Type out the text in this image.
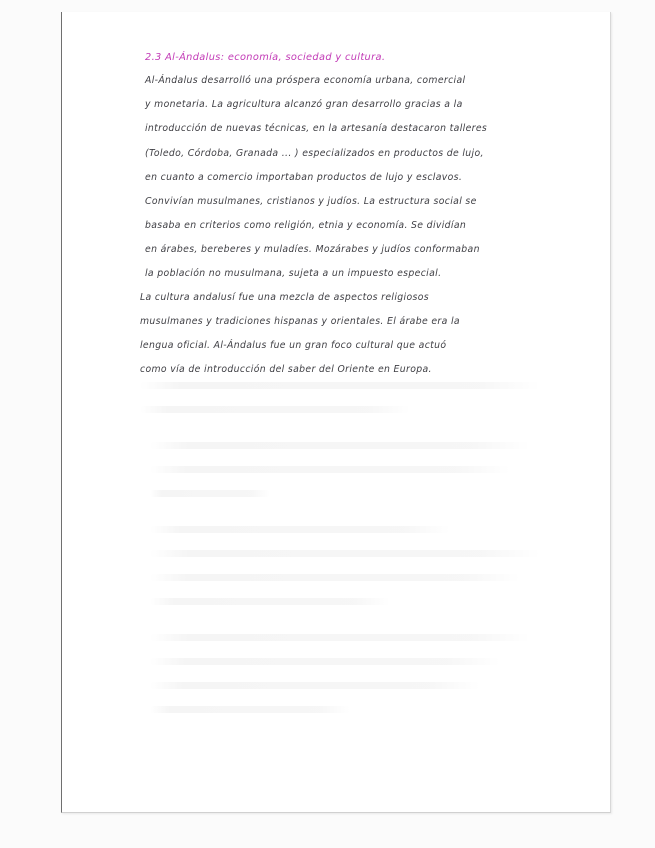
2.3 Al-Ándalus: economía, sociedad y cultura.
Al-Ándalus desarrolló una próspera economía urbana, comercial
y monetaria. La agricultura alcanzó gran desarrollo gracias a la
introducción de nuevas técnicas, en la artesanía destacaron talleres
(Toledo, Córdoba, Granada ... ) especializados en productos de lujo,
en cuanto a comercio importaban productos de lujo y esclavos.
Convivían musulmanes, cristianos y judíos. La estructura social se
basaba en criterios como religión, etnia y economía. Se dividían
en árabes, bereberes y muladíes. Mozárabes y judíos conformaban
la población no musulmana, sujeta a un impuesto especial.
La cultura andalusí fue una mezcla de aspectos religiosos
musulmanes y tradiciones hispanas y orientales. El árabe era la
lengua oficial. Al-Ándalus fue un gran foco cultural que actuó
como vía de introducción del saber del Oriente en Europa.
